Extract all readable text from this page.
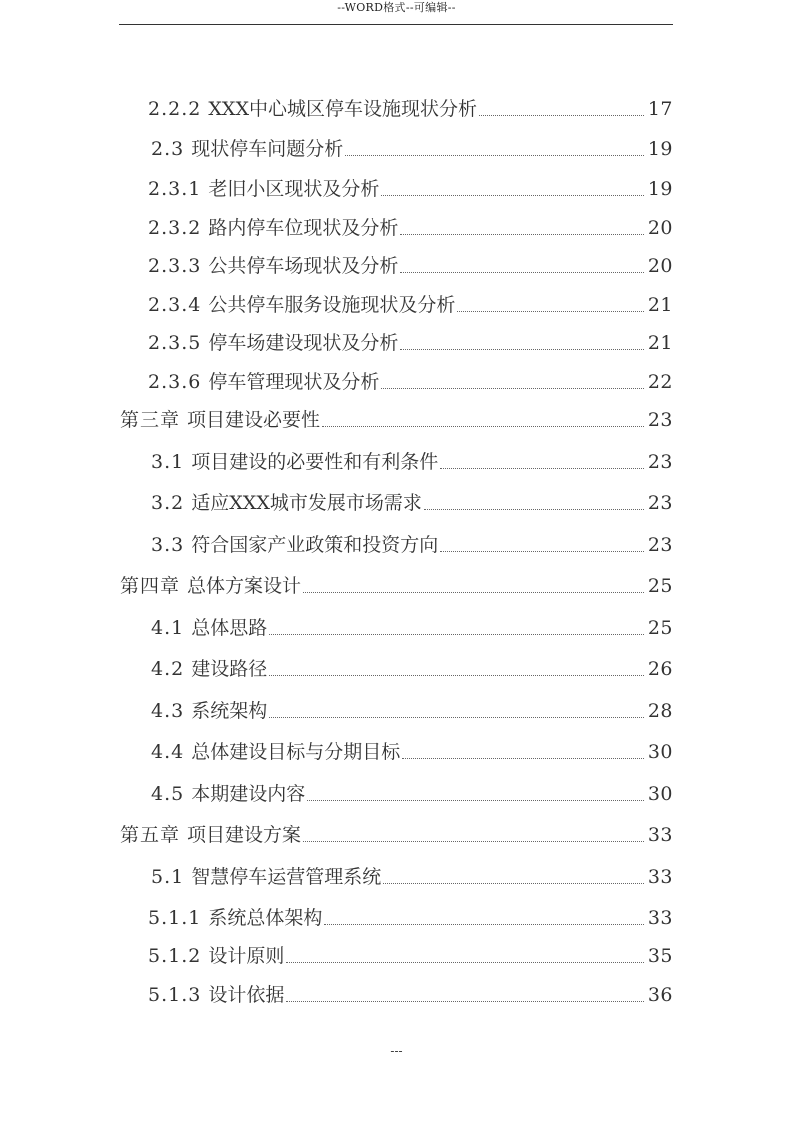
--WORD格式--可编辑--
2.2.2 XXX中心城区停车设施现状分析	17
2.3 现状停车问题分析	19
2.3.1 老旧小区现状及分析	19
2.3.2 路内停车位现状及分析	20
2.3.3 公共停车场现状及分析	20
2.3.4 公共停车服务设施现状及分析	21
2.3.5 停车场建设现状及分析	21
2.3.6 停车管理现状及分析	22
第三章 项目建设必要性	23
3.1 项目建设的必要性和有利条件	23
3.2 适应XXX城市发展市场需求	23
3.3 符合国家产业政策和投资方向	23
第四章 总体方案设计	25
4.1 总体思路	25
4.2 建设路径	26
4.3 系统架构	28
4.4 总体建设目标与分期目标	30
4.5 本期建设内容	30
第五章 项目建设方案	33
5.1 智慧停车运营管理系统	33
5.1.1 系统总体架构	33
5.1.2 设计原则	35
5.1.3 设计依据	36
---
